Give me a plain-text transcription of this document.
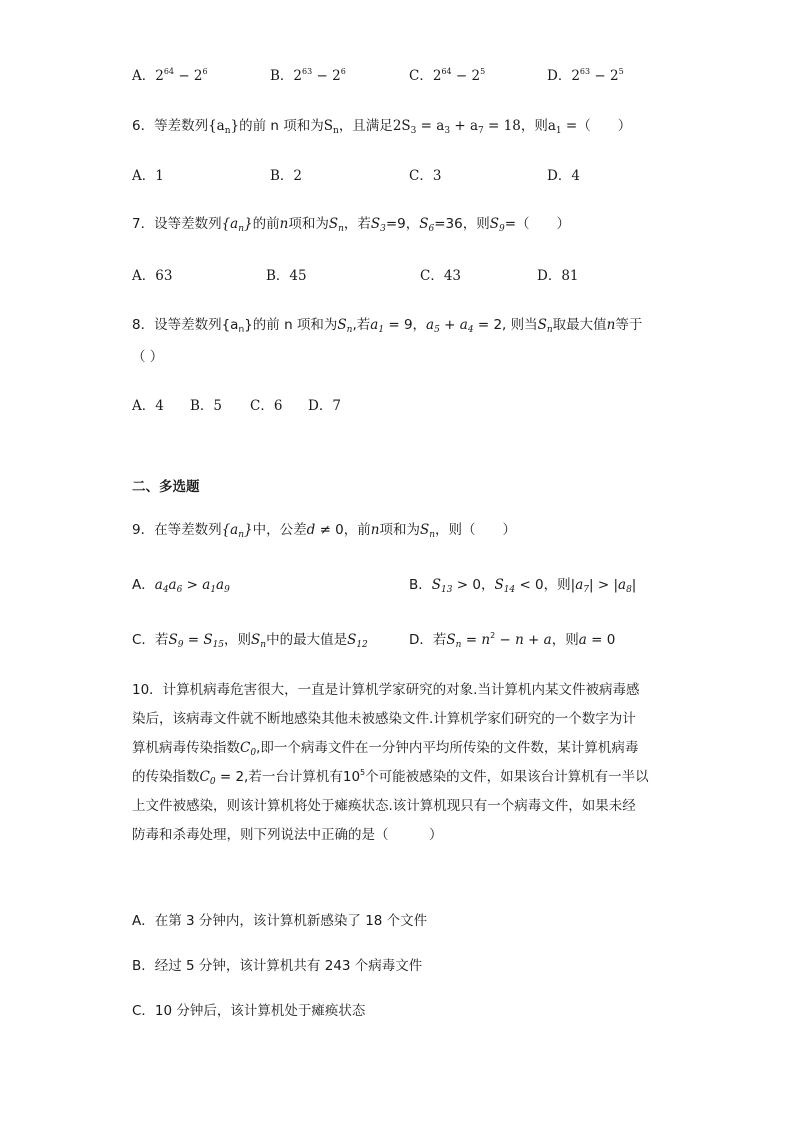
A．$2^{64} - 2^6$	B．$2^{63} - 2^6$	C．$2^{64} - 2^5$	D．$2^{63} - 2^5$
6．等差数列$\{a_n\}$的前 n 项和为$S_n$，且满足$2S_3 = a_3 + a_7 = 18$，则$a_1$ =（　　）
A．1	B．2	C．3	D．4
7．设等差数列$\{a_n\}$的前n项和为$S_n$，若$S_3=9$，$S_6=36$，则$S_9=$（　　）
A．63	B．45	C．43	D．81
8．设等差数列$\{a_n\}$的前 n 项和为$S_n$,若$a_1 = 9$，$a_5 + a_4 = 2$, 则当$S_n$取最大值n等于
（ ）
A．4 B．5 C．6 D．7
二、多选题
9．在等差数列$\{a_n\}$中，公差d ≠ 0，前n项和为$S_n$，则（　　）
A．$a_4a_6 > a_1a_9$	B．$S_{13} > 0$，$S_{14} < 0$，则$|a_7| > |a_8|$
C．若$S_9 = S_{15}$，则$S_n$中的最大值是$S_{12}$	D．若$S_n = n^2 - n + a$，则a = 0
10．计算机病毒危害很大，一直是计算机学家研究的对象.当计算机内某文件被病毒感
染后，该病毒文件就不断地感染其他未被感染文件.计算机学家们研究的一个数字为计
算机病毒传染指数$C_0$,即一个病毒文件在一分钟内平均所传染的文件数，某计算机病毒
的传染指数$C_0 = 2$,若一台计算机有$10^5$个可能被感染的文件，如果该台计算机有一半以
上文件被感染，则该计算机将处于瘫痪状态.该计算机现只有一个病毒文件，如果未经
防毒和杀毒处理，则下列说法中正确的是（　　　）
A．在第 3 分钟内，该计算机新感染了 18 个文件
B．经过 5 分钟，该计算机共有 243 个病毒文件
C．10 分钟后，该计算机处于瘫痪状态
